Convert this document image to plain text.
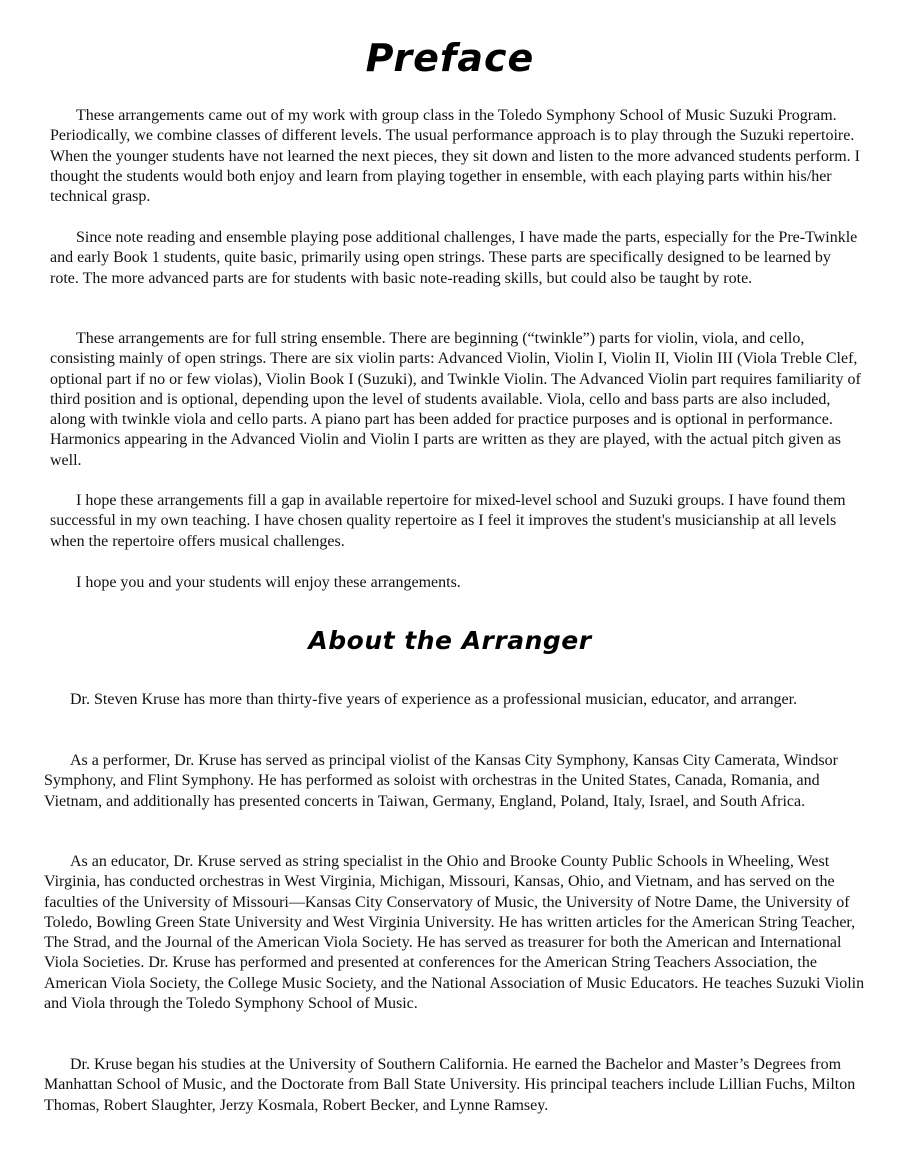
Preface

These arrangements came out of my work with group class in the Toledo Symphony School of Music Suzuki Program. Periodically, we combine classes of different levels. The usual performance approach is to play through the Suzuki repertoire. When the younger students have not learned the next pieces, they sit down and listen to the more advanced students perform. I thought the students would both enjoy and learn from playing together in ensemble, with each playing parts within his/her technical grasp.

Since note reading and ensemble playing pose additional challenges, I have made the parts, especially for the Pre-Twinkle and early Book 1 students, quite basic, primarily using open strings. These parts are specifically designed to be learned by rote. The more advanced parts are for students with basic note-reading skills, but could also be taught by rote.

These arrangements are for full string ensemble. There are beginning (“twinkle”) parts for violin, viola, and cello, consisting mainly of open strings. There are six violin parts: Advanced Violin, Violin I, Violin II, Violin III (Viola Treble Clef, optional part if no or few violas), Violin Book I (Suzuki), and Twinkle Violin. The Advanced Violin part requires familiarity of third position and is optional, depending upon the level of students available. Viola, cello and bass parts are also included, along with twinkle viola and cello parts. A piano part has been added for practice purposes and is optional in performance. Harmonics appearing in the Advanced Violin and Violin I parts are written as they are played, with the actual pitch given as well.

I hope these arrangements fill a gap in available repertoire for mixed-level school and Suzuki groups. I have found them successful in my own teaching. I have chosen quality repertoire as I feel it improves the student's musicianship at all levels when the repertoire offers musical challenges.

I hope you and your students will enjoy these arrangements.

About the Arranger

Dr. Steven Kruse has more than thirty-five years of experience as a professional musician, educator, and arranger.

As a performer, Dr. Kruse has served as principal violist of the Kansas City Symphony, Kansas City Camerata, Windsor Symphony, and Flint Symphony. He has performed as soloist with orchestras in the United States, Canada, Romania, and Vietnam, and additionally has presented concerts in Taiwan, Germany, England, Poland, Italy, Israel, and South Africa.

As an educator, Dr. Kruse served as string specialist in the Ohio and Brooke County Public Schools in Wheeling, West Virginia, has conducted orchestras in West Virginia, Michigan, Missouri, Kansas, Ohio, and Vietnam, and has served on the faculties of the University of Missouri—Kansas City Conservatory of Music, the University of Notre Dame, the University of Toledo, Bowling Green State University and West Virginia University. He has written articles for the American String Teacher, The Strad, and the Journal of the American Viola Society. He has served as treasurer for both the American and International Viola Societies. Dr. Kruse has performed and presented at conferences for the American String Teachers Association, the American Viola Society, the College Music Society, and the National Association of Music Educators. He teaches Suzuki Violin and Viola through the Toledo Symphony School of Music.

Dr. Kruse began his studies at the University of Southern California. He earned the Bachelor and Master’s Degrees from Manhattan School of Music, and the Doctorate from Ball State University. His principal teachers include Lillian Fuchs, Milton Thomas, Robert Slaughter, Jerzy Kosmala, Robert Becker, and Lynne Ramsey.
